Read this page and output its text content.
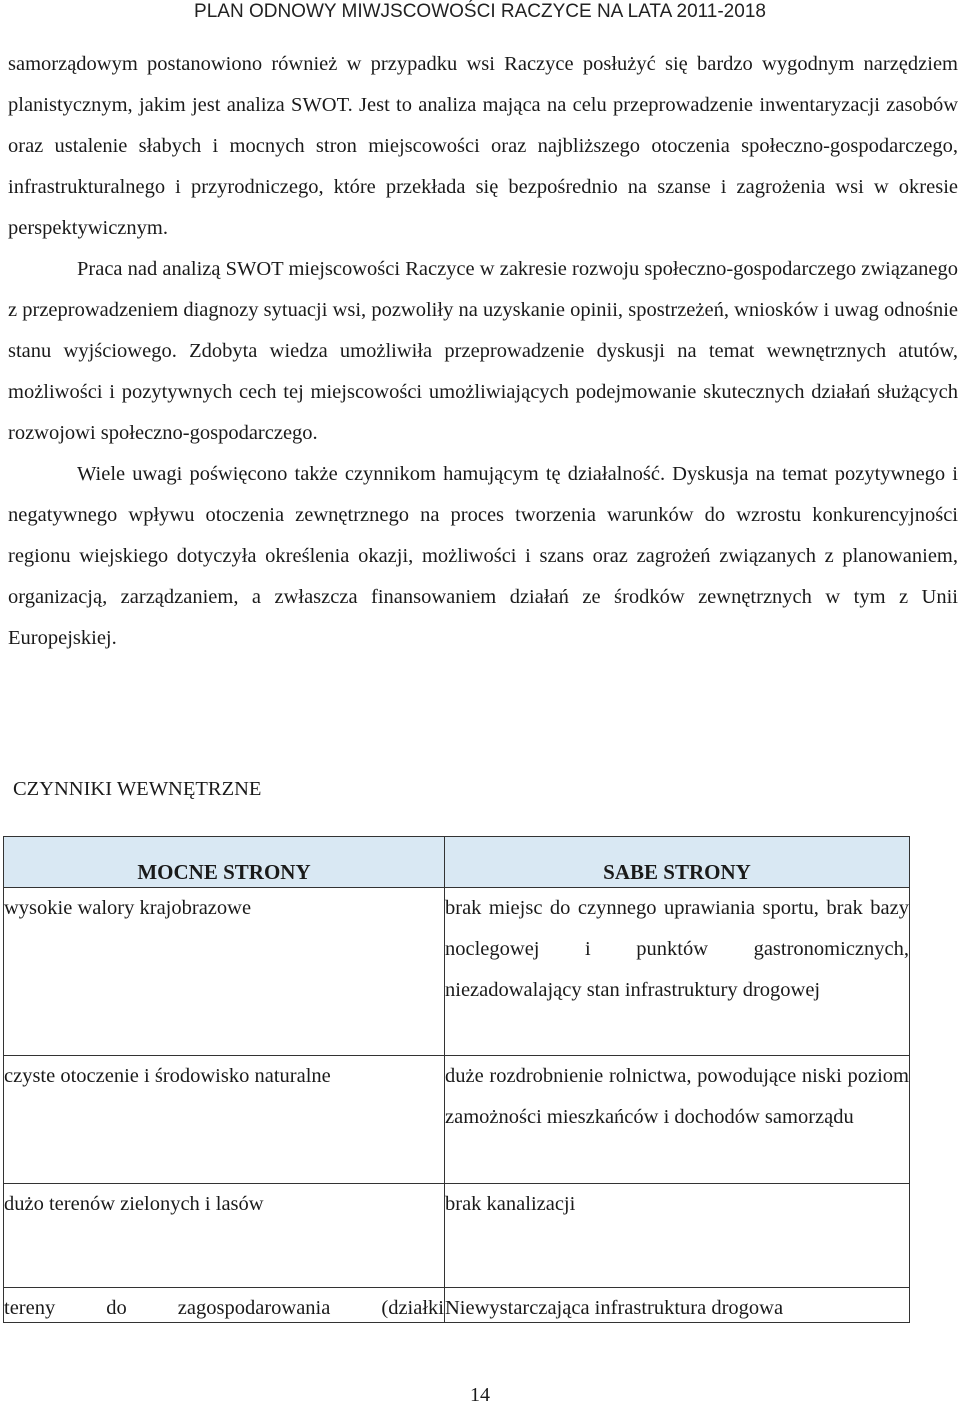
PLAN ODNOWY MIWJSCOWOŚCI RACZYCE NA LATA 2011-2018

samorządowym postanowiono również w przypadku wsi Raczyce posłużyć się bardzo wygodnym narzędziem planistycznym, jakim jest analiza SWOT. Jest to analiza mająca na celu przeprowadzenie inwentaryzacji zasobów oraz ustalenie słabych i mocnych stron miejscowości oraz najbliższego otoczenia społeczno-gospodarczego, infrastrukturalnego i przyrodniczego, które przekłada się bezpośrednio na szanse i zagrożenia wsi w okresie perspektywicznym.

Praca nad analizą SWOT miejscowości Raczyce w zakresie rozwoju społeczno-gospodarczego związanego z przeprowadzeniem diagnozy sytuacji wsi, pozwoliły na uzyskanie opinii, spostrzeżeń, wniosków i uwag odnośnie stanu wyjściowego. Zdobyta wiedza umożliwiła przeprowadzenie dyskusji na temat wewnętrznych atutów, możliwości i pozytywnych cech tej miejscowości umożliwiających podejmowanie skutecznych działań służących rozwojowi społeczno-gospodarczego.

Wiele uwagi poświęcono także czynnikom hamującym tę działalność. Dyskusja na temat pozytywnego i negatywnego wpływu otoczenia zewnętrznego na proces tworzenia warunków do wzrostu konkurencyjności regionu wiejskiego dotyczyła określenia okazji, możliwości i szans oraz zagrożeń związanych z planowaniem, organizacją, zarządzaniem, a zwłaszcza finansowaniem działań ze środków zewnętrznych w tym z Unii Europejskiej.

CZYNNIKI WEWNĘTRZNE
MOCNE STRONY	SABE STRONY
wysokie walory krajobrazowe	brak miejsc do czynnego uprawiania sportu, brak bazy noclegowej i punktów gastronomicznych, niezadowalający stan infrastruktury drogowej
czyste otoczenie i środowisko naturalne	duże rozdrobnienie rolnictwa, powodujące niski poziom zamożności mieszkańców i dochodów samorządu
dużo terenów zielonych i lasów	brak kanalizacji

tereny do zagospodarowania (działki	Niewystarczająca infrastruktura drogowa
14
